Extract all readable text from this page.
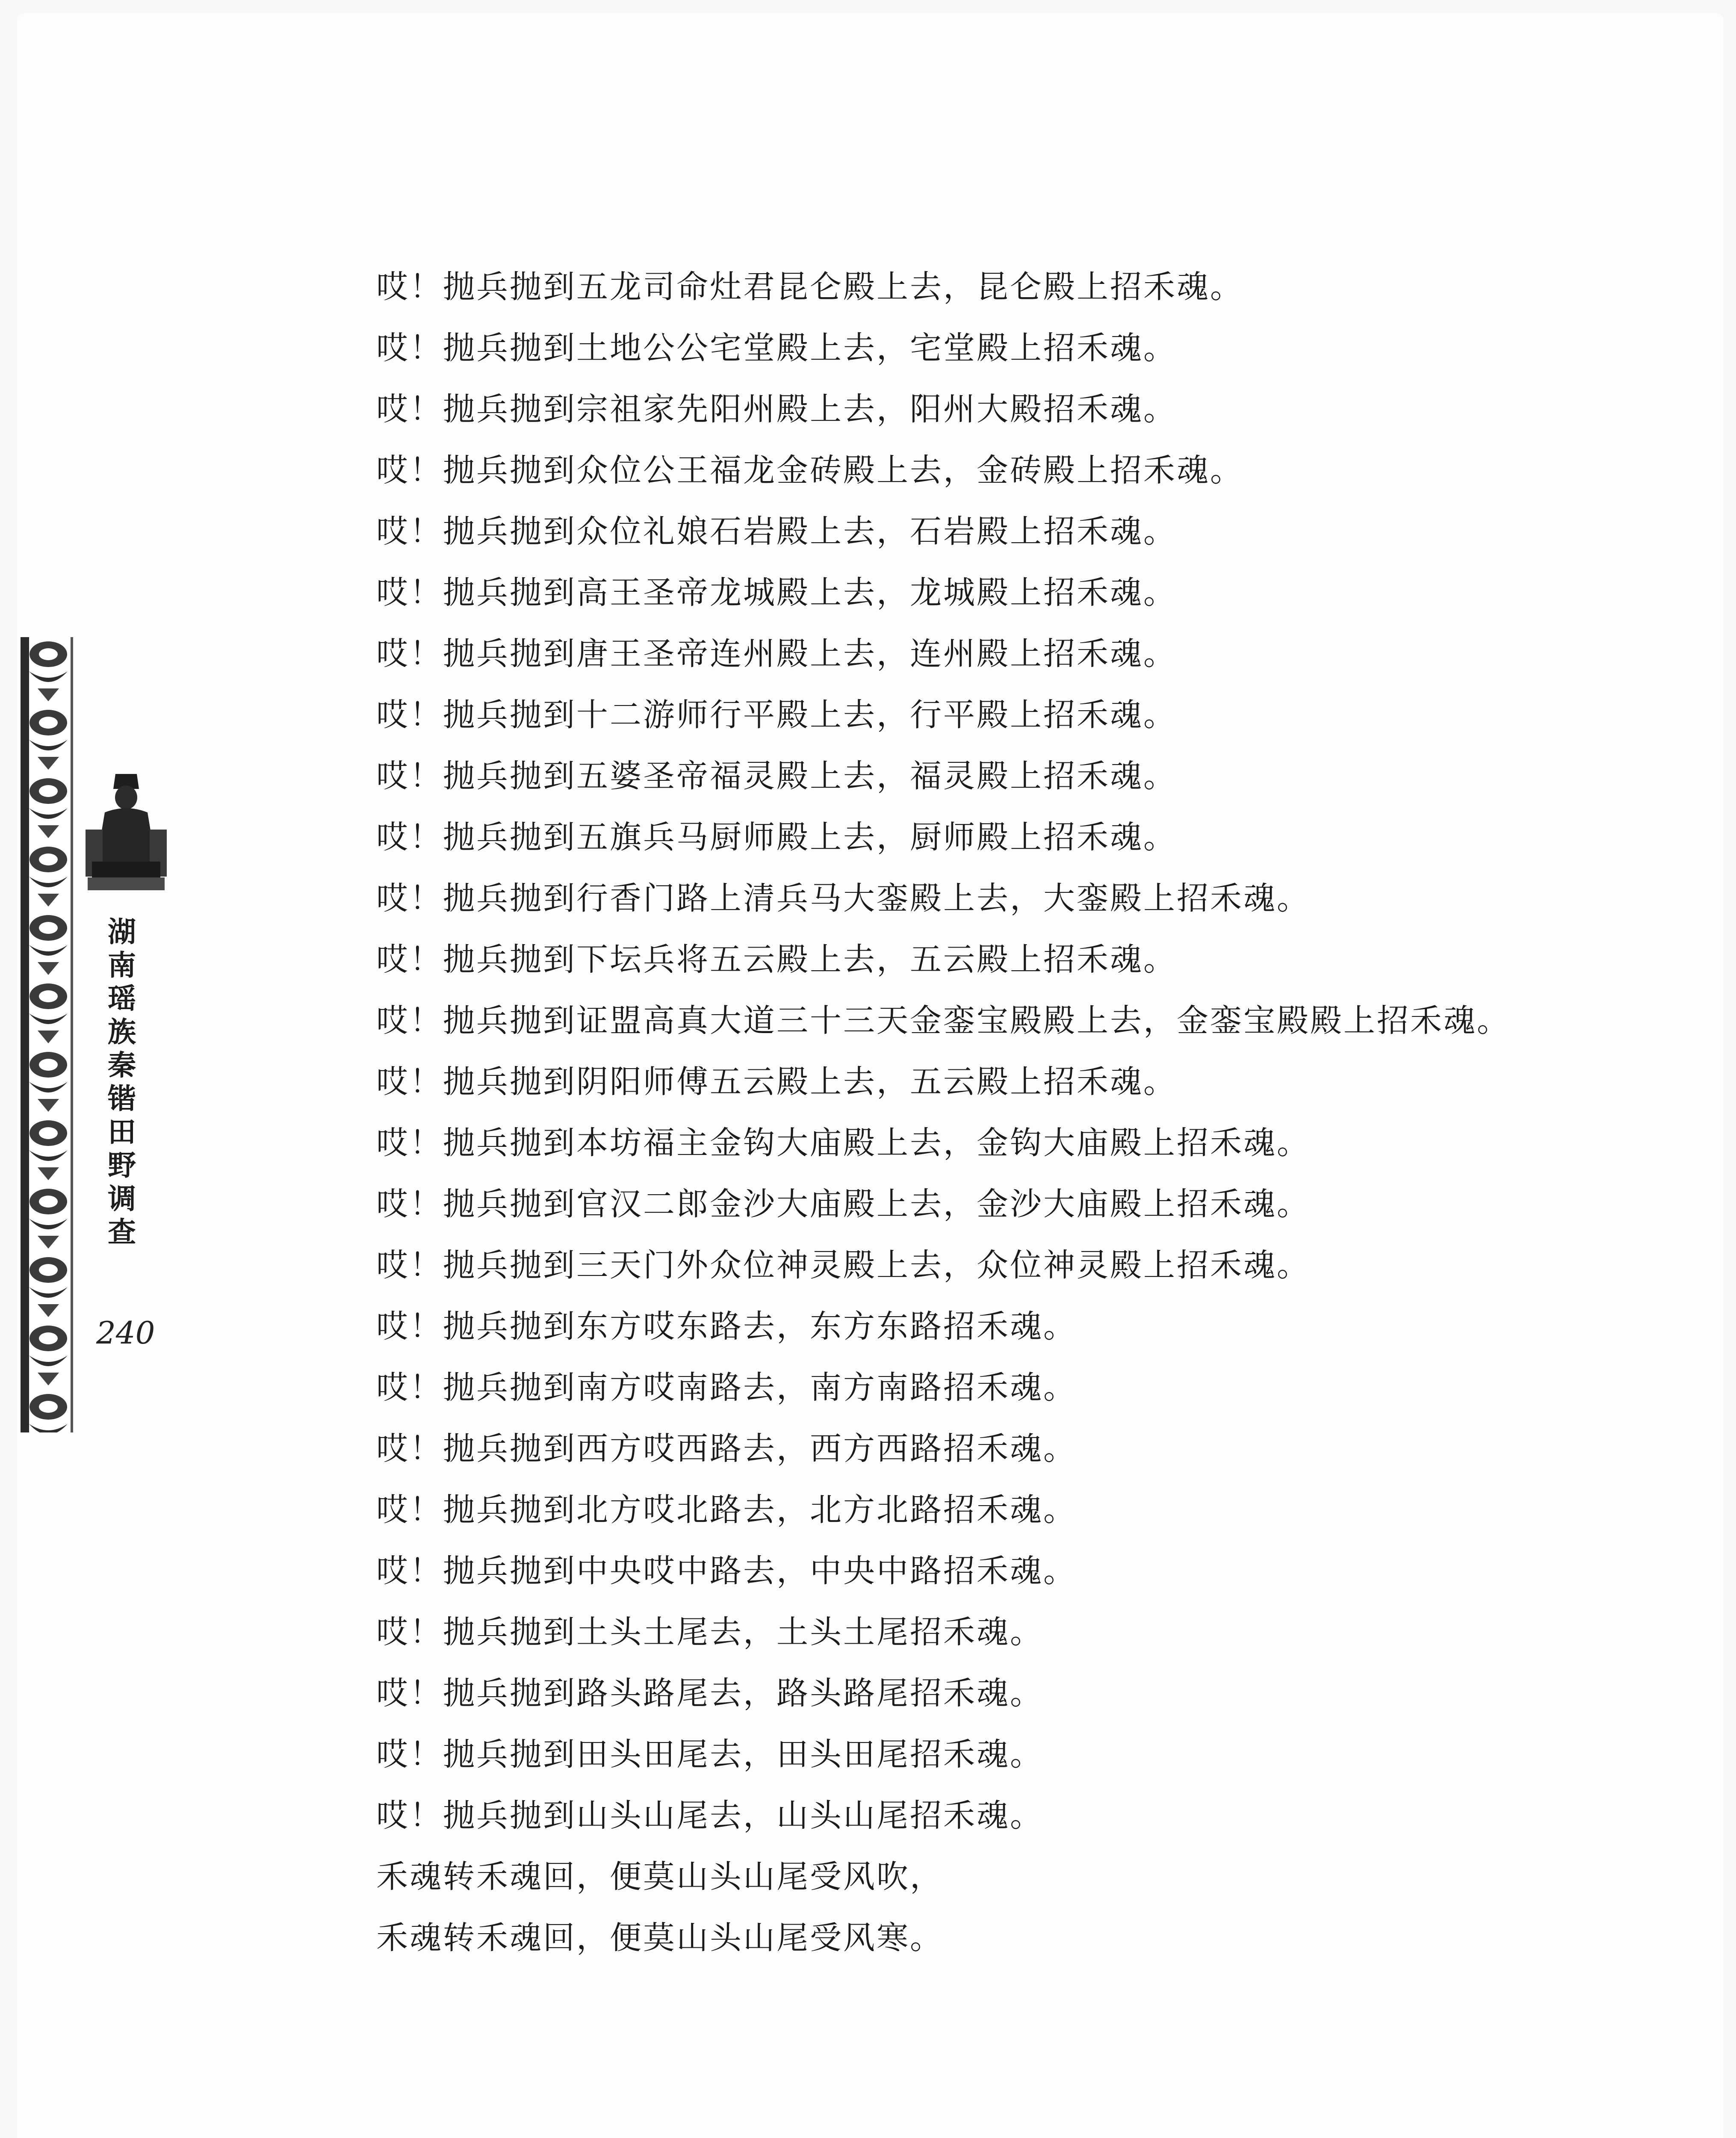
湖
南
瑶
族
秦
锴
田
野
调
查
240

哎！抛兵抛到五龙司命灶君昆仑殿上去，昆仑殿上招禾魂。

哎！抛兵抛到土地公公宅堂殿上去，宅堂殿上招禾魂。

哎！抛兵抛到宗祖家先阳州殿上去，阳州大殿招禾魂。

哎！抛兵抛到众位公王福龙金砖殿上去，金砖殿上招禾魂。

哎！抛兵抛到众位礼娘石岩殿上去，石岩殿上招禾魂。

哎！抛兵抛到高王圣帝龙城殿上去，龙城殿上招禾魂。

哎！抛兵抛到唐王圣帝连州殿上去，连州殿上招禾魂。

哎！抛兵抛到十二游师行平殿上去，行平殿上招禾魂。

哎！抛兵抛到五婆圣帝福灵殿上去，福灵殿上招禾魂。

哎！抛兵抛到五旗兵马厨师殿上去，厨师殿上招禾魂。

哎！抛兵抛到行香门路上清兵马大銮殿上去，大銮殿上招禾魂。

哎！抛兵抛到下坛兵将五云殿上去，五云殿上招禾魂。

哎！抛兵抛到证盟高真大道三十三天金銮宝殿殿上去，金銮宝殿殿上招禾魂。

哎！抛兵抛到阴阳师傅五云殿上去，五云殿上招禾魂。

哎！抛兵抛到本坊福主金钩大庙殿上去，金钩大庙殿上招禾魂。

哎！抛兵抛到官汉二郎金沙大庙殿上去，金沙大庙殿上招禾魂。

哎！抛兵抛到三天门外众位神灵殿上去，众位神灵殿上招禾魂。

哎！抛兵抛到东方哎东路去，东方东路招禾魂。

哎！抛兵抛到南方哎南路去，南方南路招禾魂。

哎！抛兵抛到西方哎西路去，西方西路招禾魂。

哎！抛兵抛到北方哎北路去，北方北路招禾魂。

哎！抛兵抛到中央哎中路去，中央中路招禾魂。

哎！抛兵抛到土头土尾去，土头土尾招禾魂。

哎！抛兵抛到路头路尾去，路头路尾招禾魂。

哎！抛兵抛到田头田尾去，田头田尾招禾魂。

哎！抛兵抛到山头山尾去，山头山尾招禾魂。

禾魂转禾魂回，便莫山头山尾受风吹，

禾魂转禾魂回，便莫山头山尾受风寒。
